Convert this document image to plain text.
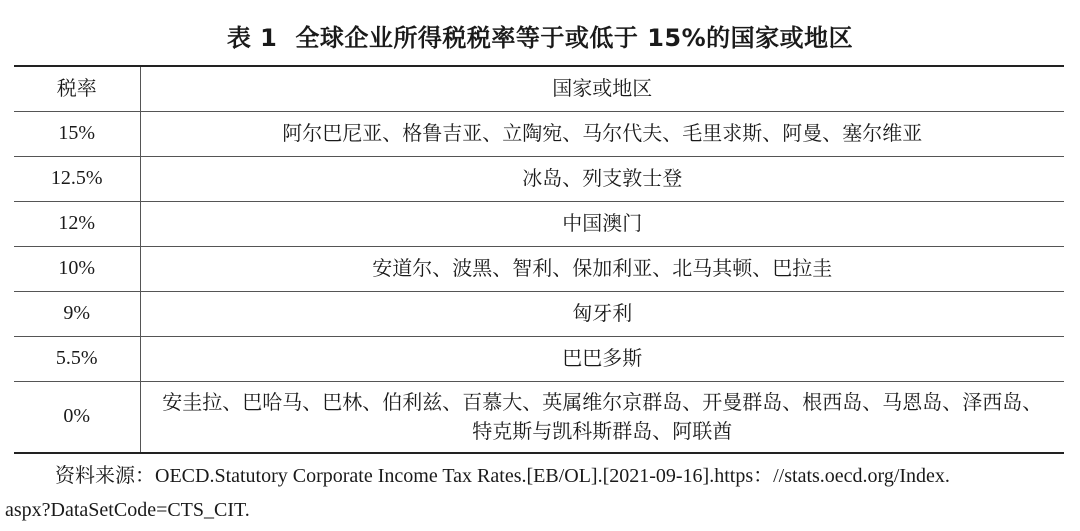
表 1 全球企业所得税税率等于或低于 15%的国家或地区
税率	国家或地区
15%	阿尔巴尼亚、格鲁吉亚、立陶宛、马尔代夫、毛里求斯、阿曼、塞尔维亚
12.5%	冰岛、列支敦士登
12%	中国澳门
10%	安道尔、波黑、智利、保加利亚、北马其顿、巴拉圭
9%	匈牙利
5.5%	巴巴多斯
0%	安圭拉、巴哈马、巴林、伯利兹、百慕大、英属维尔京群岛、开曼群岛、根西岛、马恩岛、泽西岛、
特克斯与凯科斯群岛、阿联酋
资料来源：OECD.Statutory Corporate Income Tax Rates.[EB/OL].[2021-09-16].https：//stats.oecd.org/Index.
aspx?DataSetCode=CTS_CIT.
